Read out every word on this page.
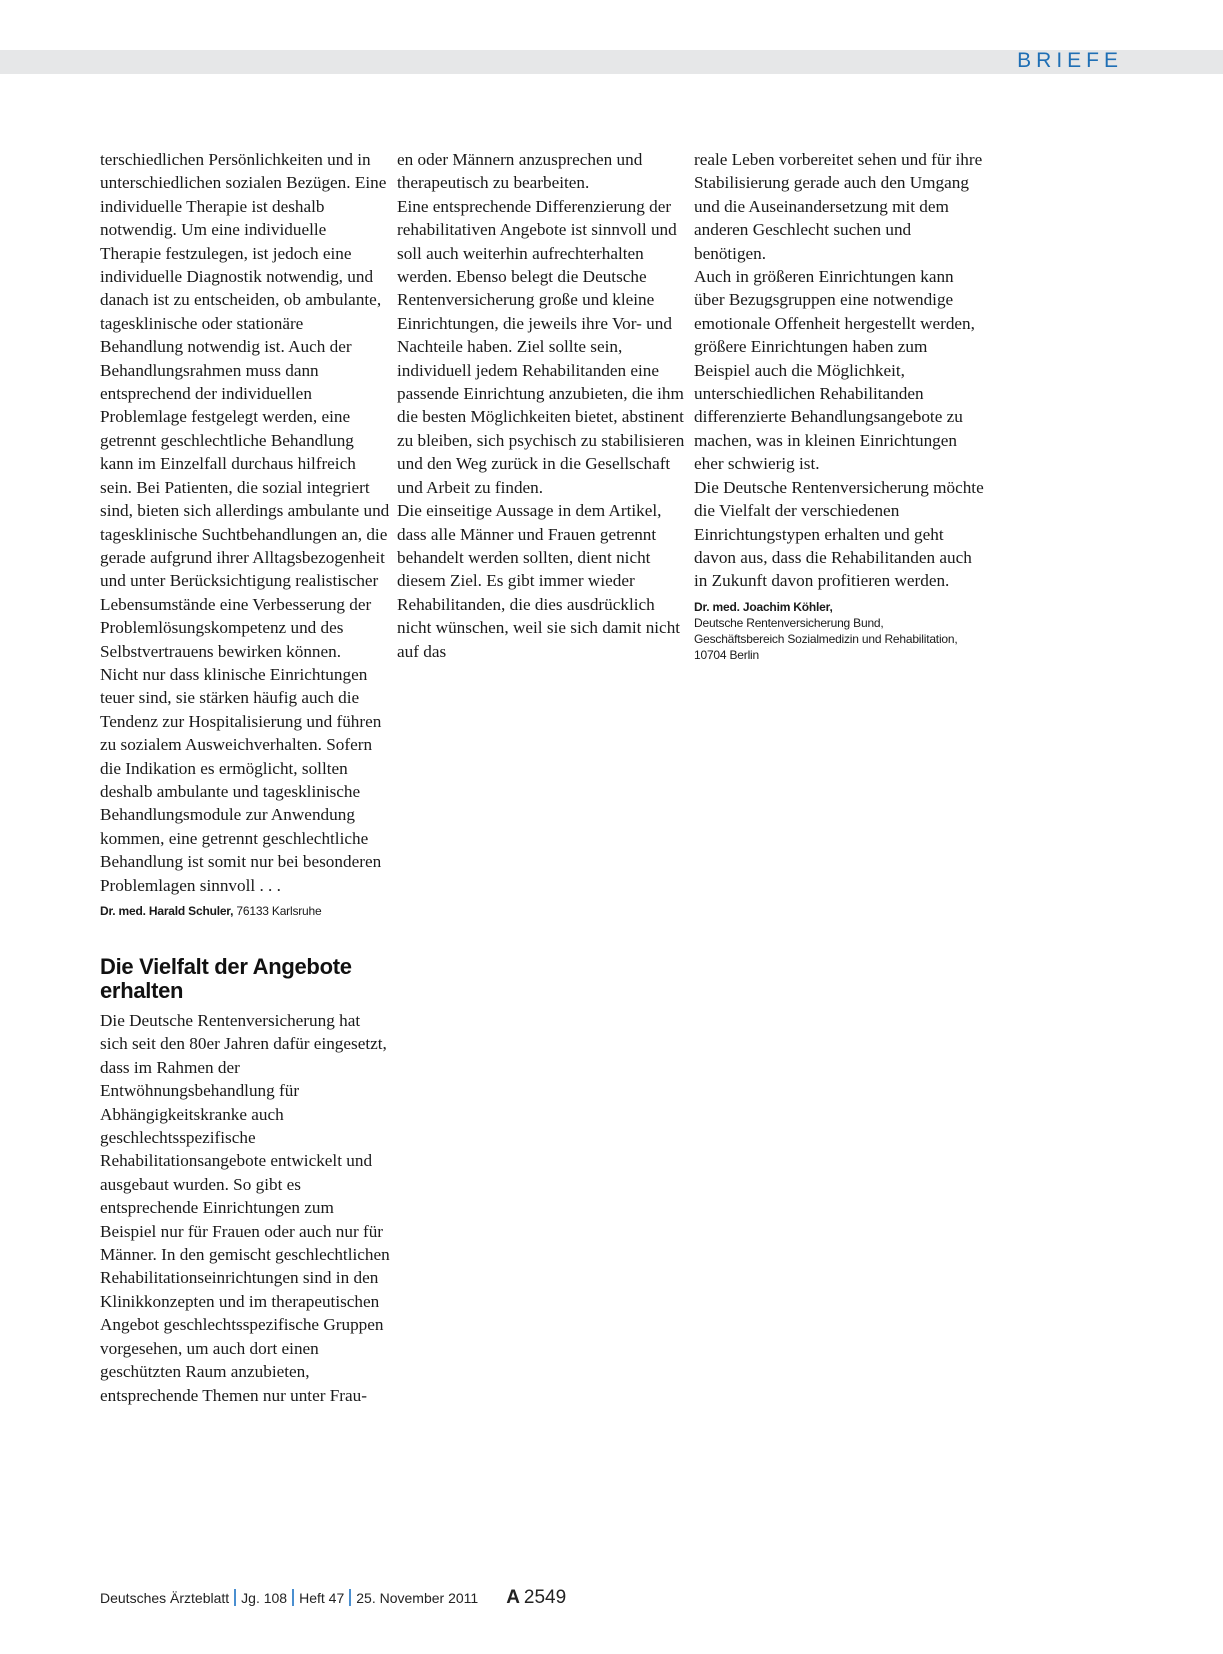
BRIEFE

terschiedlichen Persönlichkeiten und in unterschiedlichen sozialen Bezügen. Eine individuelle Therapie ist deshalb notwendig. Um eine individuelle Therapie festzulegen, ist jedoch eine individuelle Diagnostik notwendig, und danach ist zu entscheiden, ob ambulante, tagesklinische oder stationäre Behandlung notwendig ist. Auch der Behandlungsrahmen muss dann entsprechend der individuellen Problemlage festgelegt werden, eine getrennt geschlechtliche Behandlung kann im Einzelfall durchaus hilfreich sein. Bei Patienten, die sozial integriert sind, bieten sich allerdings ambulante und tagesklinische Suchtbehandlungen an, die gerade aufgrund ihrer Alltagsbezogenheit und unter Berücksichtigung realistischer Lebensumstände eine Verbesserung der Problemlösungskompetenz und des Selbstvertrauens bewirken können.

Nicht nur dass klinische Einrichtungen teuer sind, sie stärken häufig auch die Tendenz zur Hospitalisierung und führen zu sozialem Ausweichverhalten. Sofern die Indikation es ermöglicht, sollten deshalb ambulante und tagesklinische Behandlungsmodule zur Anwendung kommen, eine getrennt geschlechtliche Behandlung ist somit nur bei besonderen Problemlagen sinnvoll . . .

Dr. med. Harald Schuler, 76133 Karlsruhe

Die Vielfalt der Angebote erhalten

Die Deutsche Rentenversicherung hat sich seit den 80er Jahren dafür eingesetzt, dass im Rahmen der Entwöhnungsbehandlung für Abhängigkeitskranke auch geschlechtsspezifische Rehabilitationsangebote entwickelt und ausgebaut wurden. So gibt es entsprechende Einrichtungen zum Beispiel nur für Frauen oder auch nur für Männer. In den gemischt geschlechtlichen Rehabilitationseinrichtungen sind in den Klinikkonzepten und im therapeutischen Angebot geschlechtsspezifische Gruppen vorgesehen, um auch dort einen geschützten Raum anzubieten, entsprechende Themen nur unter Frau-

en oder Männern anzusprechen und therapeutisch zu bearbeiten.

Eine entsprechende Differenzierung der rehabilitativen Angebote ist sinnvoll und soll auch weiterhin aufrechterhalten werden. Ebenso belegt die Deutsche Rentenversicherung große und kleine Einrichtungen, die jeweils ihre Vor- und Nachteile haben. Ziel sollte sein, individuell jedem Rehabilitanden eine passende Einrichtung anzubieten, die ihm die besten Möglichkeiten bietet, abstinent zu bleiben, sich psychisch zu stabilisieren und den Weg zurück in die Gesellschaft und Arbeit zu finden.

Die einseitige Aussage in dem Artikel, dass alle Männer und Frauen getrennt behandelt werden sollten, dient nicht diesem Ziel. Es gibt immer wieder Rehabilitanden, die dies ausdrücklich nicht wünschen, weil sie sich damit nicht auf das

reale Leben vorbereitet sehen und für ihre Stabilisierung gerade auch den Umgang und die Auseinandersetzung mit dem anderen Geschlecht suchen und benötigen.

Auch in größeren Einrichtungen kann über Bezugsgruppen eine notwendige emotionale Offenheit hergestellt werden, größere Einrichtungen haben zum Beispiel auch die Möglichkeit, unterschiedlichen Rehabilitanden differenzierte Behandlungsangebote zu machen, was in kleinen Einrichtungen eher schwierig ist.

Die Deutsche Rentenversicherung möchte die Vielfalt der verschiedenen Einrichtungstypen erhalten und geht davon aus, dass die Rehabilitanden auch in Zukunft davon profitieren werden.

Dr. med. Joachim Köhler,
Deutsche Rentenversicherung Bund,
Geschäftsbereich Sozialmedizin und Rehabilitation,
10704 Berlin

Deutsches Ärzteblatt Jg. 108 Heft 47 25. November 2011 A 2549
